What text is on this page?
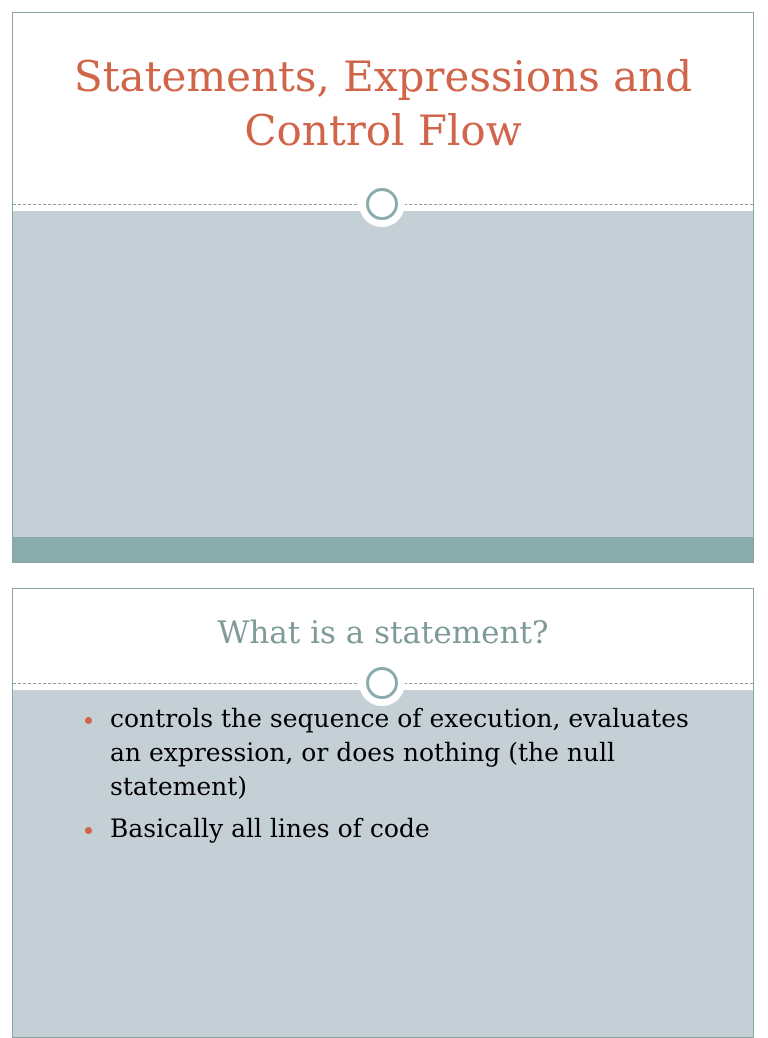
Statements, Expressions and Control Flow
What is a statement?
controls the sequence of execution, evaluates an expression, or does nothing (the null statement)
Basically all lines of code
